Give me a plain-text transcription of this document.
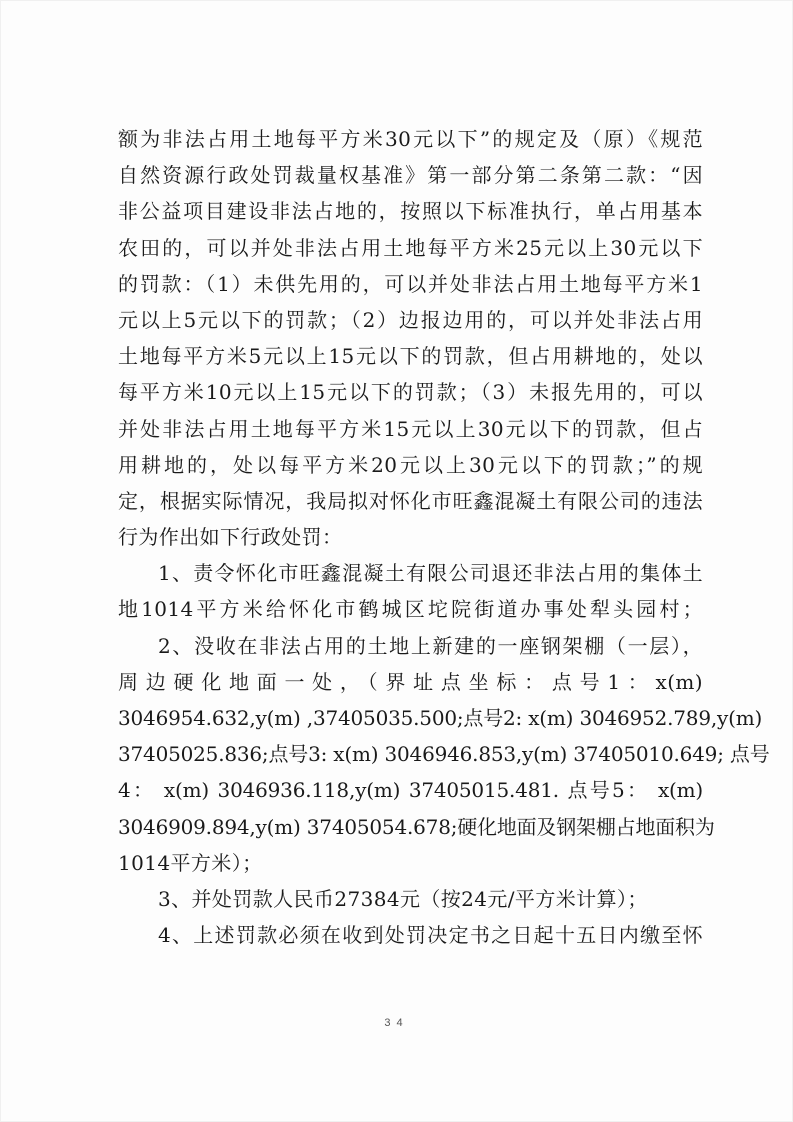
额为非法占用土地每平方米30元以下”的规定及（原）《规范
自然资源行政处罚裁量权基准》第一部分第二条第二款：“因
非公益项目建设非法占地的，按照以下标准执行，单占用基本
农田的，可以并处非法占用土地每平方米25元以上30元以下
的罚款：（1）未供先用的，可以并处非法占用土地每平方米1
元以上5元以下的罚款；（2）边报边用的，可以并处非法占用
土地每平方米5元以上15元以下的罚款，但占用耕地的，处以
每平方米10元以上15元以下的罚款；（3）未报先用的，可以
并处非法占用土地每平方米15元以上30元以下的罚款，但占
用耕地的，处以每平方米20元以上30元以下的罚款；”的规
定，根据实际情况，我局拟对怀化市旺鑫混凝土有限公司的违法
行为作出如下行政处罚：
1、责令怀化市旺鑫混凝土有限公司退还非法占用的集体土
地1014平方米给怀化市鹤城区坨院街道办事处犁头园村；
2、没收在非法占用的土地上新建的一座钢架棚（一层），
周边硬化地面一处，（界址点坐标：点号1：x(m)
3046954.632,y(m) ,37405035.500;点号2: x(m) 3046952.789,y(m)
37405025.836;点号3: x(m) 3046946.853,y(m) 37405010.649; 点号
4： x(m) 3046936.118,y(m) 37405015.481. 点号5： x(m)
3046909.894,y(m) 37405054.678;硬化地面及钢架棚占地面积为
1014平方米）；
3、并处罚款人民币27384元（按24元/平方米计算）；
4、上述罚款必须在收到处罚决定书之日起十五日内缴至怀
34
